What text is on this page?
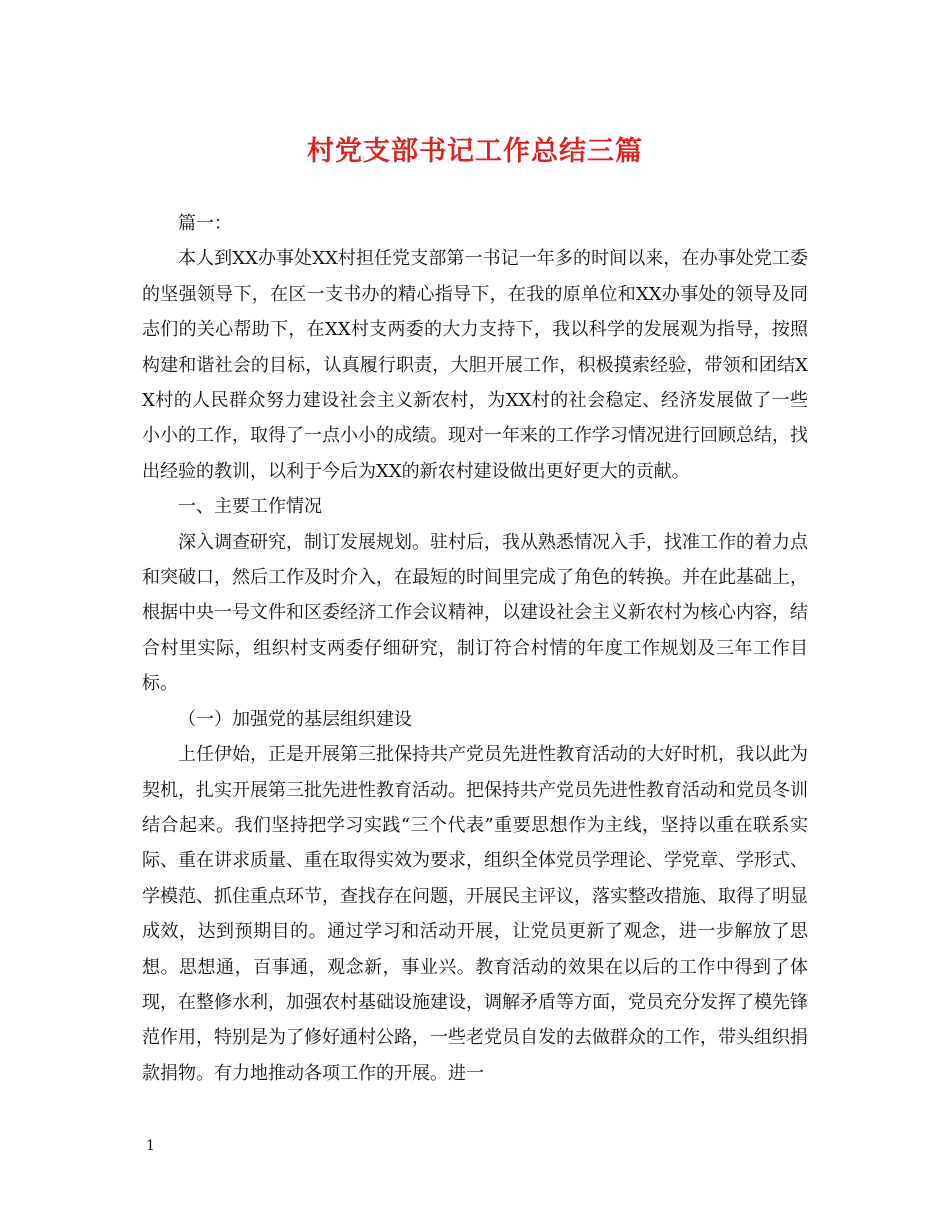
村党支部书记工作总结三篇

篇一：

本人到XX办事处XX村担任党支部第一书记一年多的时间以来，在办事处党工委的坚强领导下，在区一支书办的精心指导下，在我的原单位和XX办事处的领导及同志们的关心帮助下，在XX村支两委的大力支持下，我以科学的发展观为指导，按照构建和谐社会的目标，认真履行职责，大胆开展工作，积极摸索经验，带领和团结XX村的人民群众努力建设社会主义新农村，为XX村的社会稳定、经济发展做了一些小小的工作，取得了一点小小的成绩。现对一年来的工作学习情况进行回顾总结，找出经验的教训，以利于今后为XX的新农村建设做出更好更大的贡献。

一、主要工作情况

深入调查研究，制订发展规划。驻村后，我从熟悉情况入手，找准工作的着力点和突破口，然后工作及时介入，在最短的时间里完成了角色的转换。并在此基础上，根据中央一号文件和区委经济工作会议精神，以建设社会主义新农村为核心内容，结合村里实际，组织村支两委仔细研究，制订符合村情的年度工作规划及三年工作目标。

（一）加强党的基层组织建设

上任伊始，正是开展第三批保持共产党员先进性教育活动的大好时机，我以此为契机，扎实开展第三批先进性教育活动。把保持共产党员先进性教育活动和党员冬训结合起来。我们坚持把学习实践“三个代表”重要思想作为主线，坚持以重在联系实际、重在讲求质量、重在取得实效为要求，组织全体党员学理论、学党章、学形式、学模范、抓住重点环节，查找存在问题，开展民主评议，落实整改措施、取得了明显成效，达到预期目的。通过学习和活动开展，让党员更新了观念，进一步解放了思想。思想通，百事通，观念新，事业兴。教育活动的效果在以后的工作中得到了体现，在整修水利，加强农村基础设施建设，调解矛盾等方面，党员充分发挥了模先锋范作用，特别是为了修好通村公路，一些老党员自发的去做群众的工作，带头组织捐款捐物。有力地推动各项工作的开展。进一

1
